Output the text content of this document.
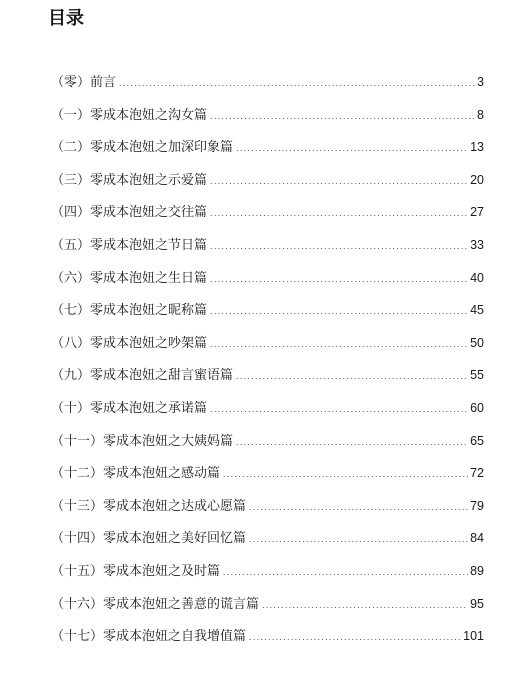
目录
（零） 前言 .....	3
（一） 零成本泡妞之沟女篇 .....	8
（二） 零成本泡妞之加深印象篇 .....	13
（三） 零成本泡妞之示爱篇 .....	20
（四） 零成本泡妞之交往篇 .....	27
（五） 零成本泡妞之节日篇 .....	33
（六） 零成本泡妞之生日篇 .....	40
（七） 零成本泡妞之昵称篇 .....	45
（八） 零成本泡妞之吵架篇 .....	50
（九） 零成本泡妞之甜言蜜语篇 .....	55
（十） 零成本泡妞之承诺篇 .....	60
（十一） 零成本泡妞之大姨妈篇 .....	65
（十二） 零成本泡妞之感动篇 .....	72
（十三） 零成本泡妞之达成心愿篇 .....	79
（十四） 零成本泡妞之美好回忆篇 .....	84
（十五） 零成本泡妞之及时篇 .....	89
（十六） 零成本泡妞之善意的谎言篇 .....	95
（十七） 零成本泡妞之自我增值篇 .....	101
